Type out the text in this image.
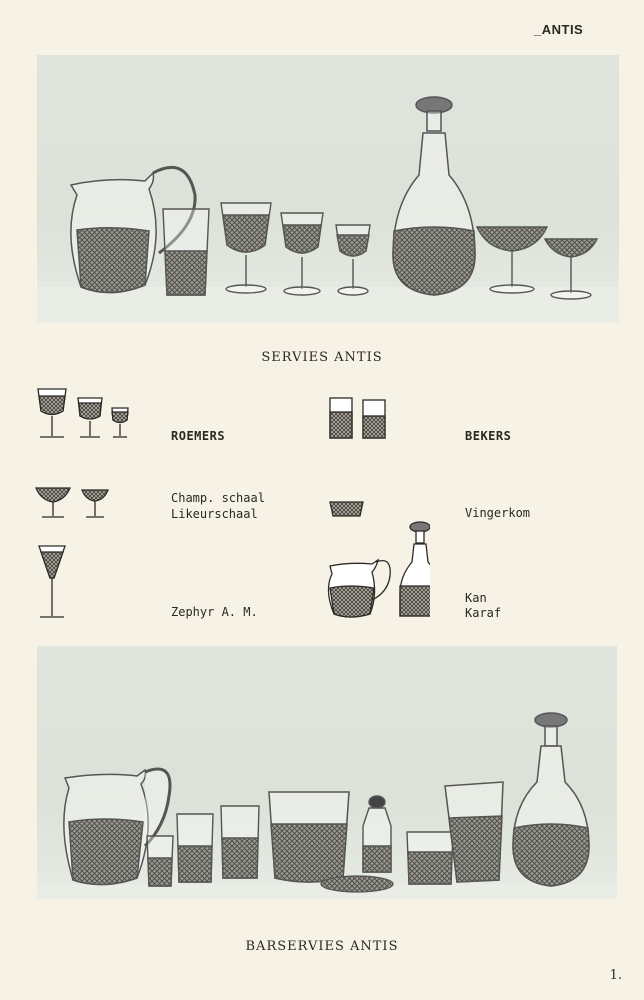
_ANTIS
SERVIES ANTIS
ROEMERS	BEKERS
Champ. schaal
Likeurschaal	Vingerkom
Zephyr A. M.
Kan
Karaf
BARSERVIES ANTIS
1.
